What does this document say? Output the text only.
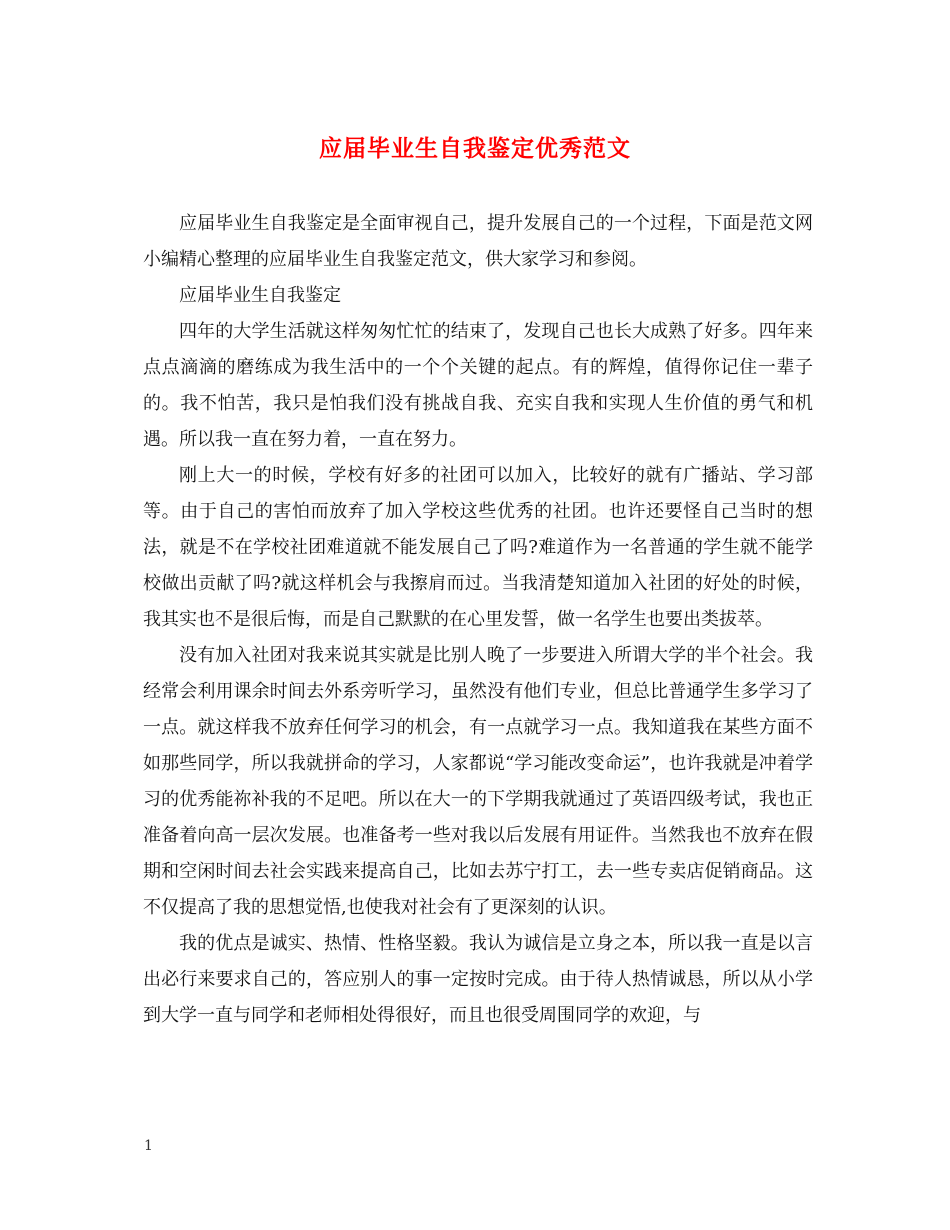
应届毕业生自我鉴定优秀范文

应届毕业生自我鉴定是全面审视自己，提升发展自己的一个过程，下面是范文网小编精心整理的应届毕业生自我鉴定范文，供大家学习和参阅。

应届毕业生自我鉴定

四年的大学生活就这样匆匆忙忙的结束了，发现自己也长大成熟了好多。四年来点点滴滴的磨练成为我生活中的一个个关键的起点。有的辉煌，值得你记住一辈子的。我不怕苦，我只是怕我们没有挑战自我、充实自我和实现人生价值的勇气和机遇。所以我一直在努力着，一直在努力。

刚上大一的时候，学校有好多的社团可以加入，比较好的就有广播站、学习部等。由于自己的害怕而放弃了加入学校这些优秀的社团。也许还要怪自己当时的想法，就是不在学校社团难道就不能发展自己了吗?难道作为一名普通的学生就不能学校做出贡献了吗?就这样机会与我擦肩而过。当我清楚知道加入社团的好处的时候，我其实也不是很后悔，而是自己默默的在心里发誓，做一名学生也要出类拔萃。

没有加入社团对我来说其实就是比别人晚了一步要进入所谓大学的半个社会。我经常会利用课余时间去外系旁听学习，虽然没有他们专业，但总比普通学生多学习了一点。就这样我不放弃任何学习的机会，有一点就学习一点。我知道我在某些方面不如那些同学，所以我就拼命的学习，人家都说“学习能改变命运”，也许我就是冲着学习的优秀能祢补我的不足吧。所以在大一的下学期我就通过了英语四级考试，我也正准备着向高一层次发展。也准备考一些对我以后发展有用证件。当然我也不放弃在假期和空闲时间去社会实践来提高自己，比如去苏宁打工，去一些专卖店促销商品。这不仅提高了我的思想觉悟,也使我对社会有了更深刻的认识。

我的优点是诚实、热情、性格坚毅。我认为诚信是立身之本，所以我一直是以言出必行来要求自己的，答应别人的事一定按时完成。由于待人热情诚恳，所以从小学到大学一直与同学和老师相处得很好，而且也很受周围同学的欢迎，与

1
